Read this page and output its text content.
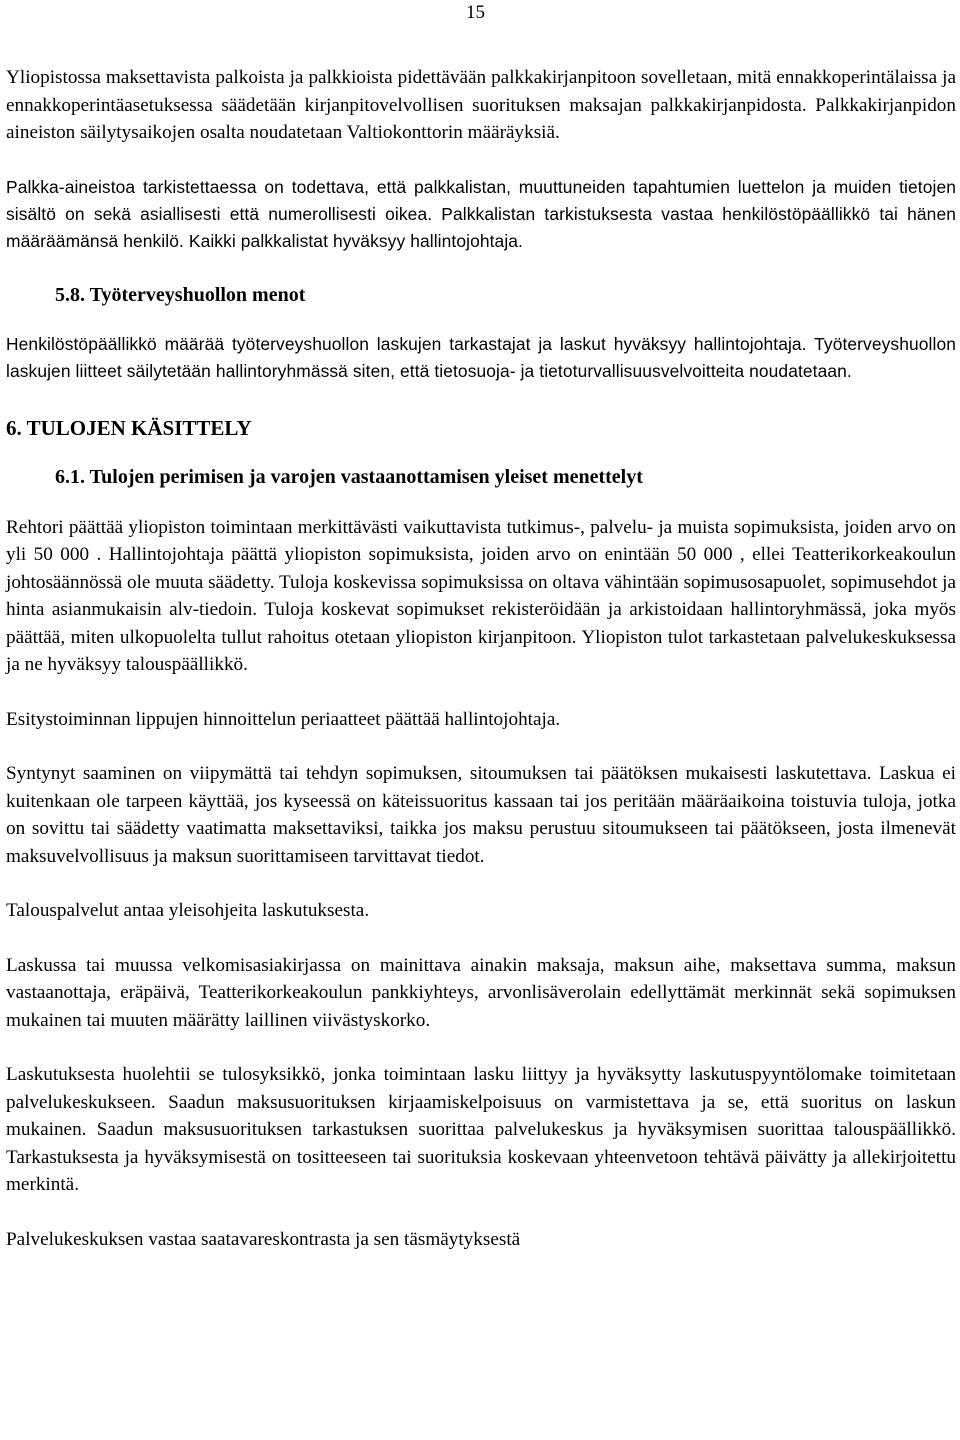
15

Yliopistossa maksettavista palkoista ja palkkioista pidettävään palkkakirjanpitoon sovelletaan, mitä ennakkoperintälaissa ja ennakkoperintäasetuksessa säädetään kirjanpitovelvollisen suorituksen maksajan palkkakirjanpidosta. Palkkakirjanpidon aineiston säilytysaikojen osalta noudatetaan Valtiokonttorin määräyksiä.

Palkka-aineistoa tarkistettaessa on todettava, että palkkalistan, muuttuneiden tapahtumien luettelon ja muiden tietojen sisältö on sekä asiallisesti että numerollisesti oikea. Palkkalistan tarkistuksesta vastaa henkilöstöpäällikkö tai hänen määräämänsä henkilö. Kaikki palkkalistat hyväksyy hallintojohtaja.

5.8. Työterveyshuollon menot

Henkilöstöpäällikkö määrää työterveyshuollon laskujen tarkastajat ja laskut hyväksyy hallintojohtaja. Työterveyshuollon laskujen liitteet säilytetään hallintoryhmässä siten, että tietosuoja- ja tietoturvallisuusvelvoitteita noudatetaan.

6. TULOJEN KÄSITTELY
6.1. Tulojen perimisen ja varojen vastaanottamisen yleiset menettelyt

Rehtori päättää yliopiston toimintaan merkittävästi vaikuttavista tutkimus-, palvelu- ja muista sopimuksista, joiden arvo on yli 50 000 . Hallintojohtaja päättä yliopiston sopimuksista, joiden arvo on enintään 50 000 , ellei Teatterikorkeakoulun johtosäännössä ole muuta säädetty. Tuloja koskevissa sopimuksissa on oltava vähintään sopimusosapuolet, sopimusehdot ja hinta asianmukaisin alv-tiedoin. Tuloja koskevat sopimukset rekisteröidään ja arkistoidaan hallintoryhmässä, joka myös päättää, miten ulkopuolelta tullut rahoitus otetaan yliopiston kirjanpitoon. Yliopiston tulot tarkastetaan palvelukeskuksessa ja ne hyväksyy talouspäällikkö.

Esitystoiminnan lippujen hinnoittelun periaatteet päättää hallintojohtaja.

Syntynyt saaminen on viipymättä tai tehdyn sopimuksen, sitoumuksen tai päätöksen mukaisesti laskutettava. Laskua ei kuitenkaan ole tarpeen käyttää, jos kyseessä on käteissuoritus kassaan tai jos peritään määräaikoina toistuvia tuloja, jotka on sovittu tai säädetty vaatimatta maksettaviksi, taikka jos maksu perustuu sitoumukseen tai päätökseen, josta ilmenevät maksuvelvollisuus ja maksun suorittamiseen tarvittavat tiedot.

Talouspalvelut antaa yleisohjeita laskutuksesta.

Laskussa tai muussa velkomisasiakirjassa on mainittava ainakin maksaja, maksun aihe, maksettava summa, maksun vastaanottaja, eräpäivä, Teatterikorkeakoulun pankkiyhteys, arvonlisäverolain edellyttämät merkinnät sekä sopimuksen mukainen tai muuten määrätty laillinen viivästyskorko.

Laskutuksesta huolehtii se tulosyksikkö, jonka toimintaan lasku liittyy ja hyväksytty laskutuspyyntölomake toimitetaan palvelukeskukseen. Saadun maksusuorituksen kirjaamiskelpoisuus on varmistettava ja se, että suoritus on laskun mukainen. Saadun maksusuorituksen tarkastuksen suorittaa palvelukeskus ja hyväksymisen suorittaa talouspäällikkö. Tarkastuksesta ja hyväksymisestä on tositteeseen tai suorituksia koskevaan yhteenvetoon tehtävä päivätty ja allekirjoitettu merkintä.

Palvelukeskuksen vastaa saatavareskontrasta ja sen täsmäytyksestä
